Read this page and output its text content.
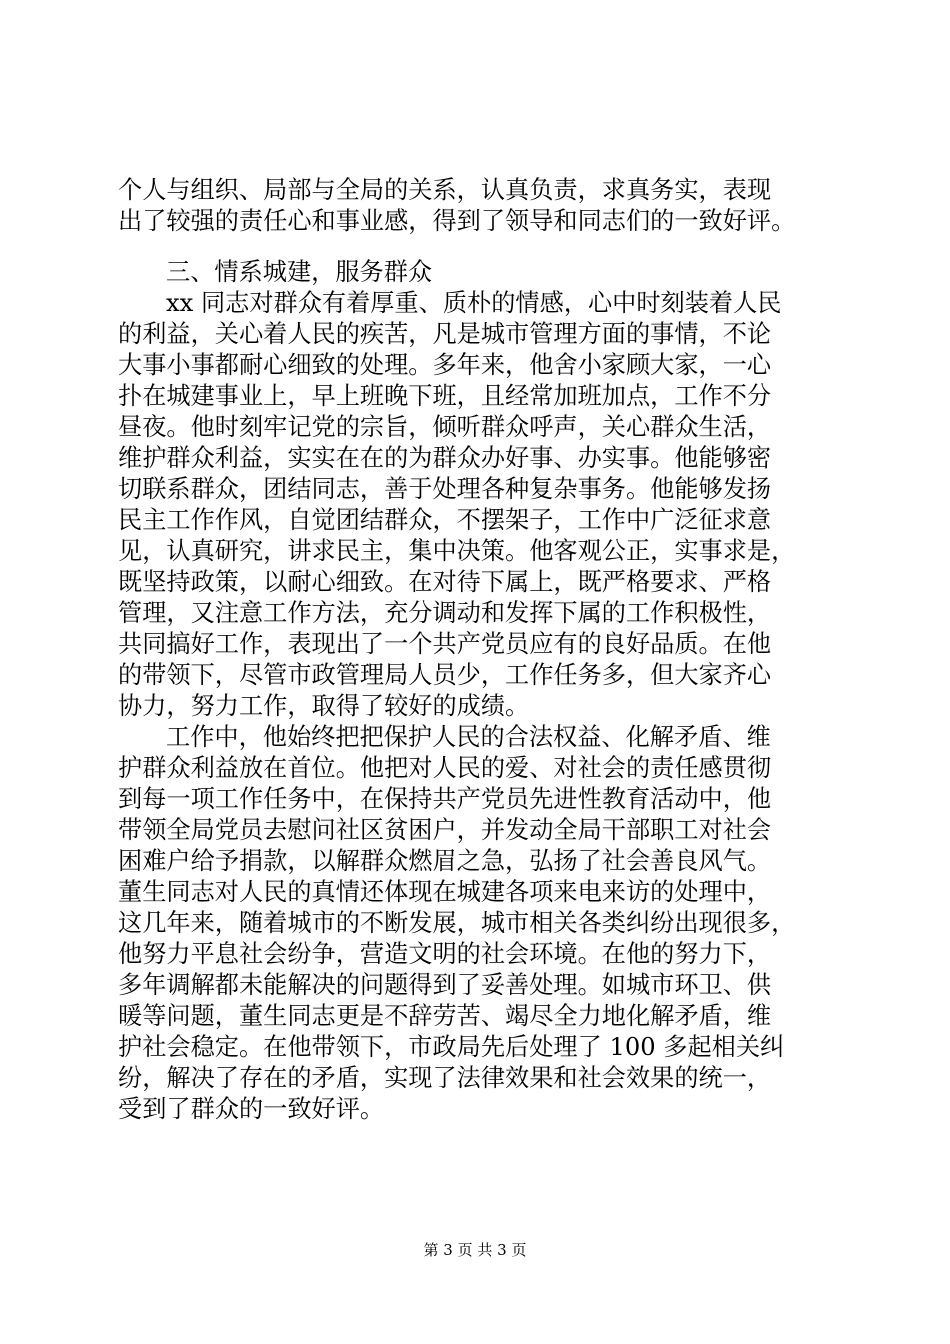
个人与组织、局部与全局的关系，认真负责，求真务实，表现
出了较强的责任心和事业感，得到了领导和同志们的一致好评。
三、情系城建，服务群众
xx 同志对群众有着厚重、质朴的情感，心中时刻装着人民
的利益，关心着人民的疾苦，凡是城市管理方面的事情，不论
大事小事都耐心细致的处理。多年来，他舍小家顾大家，一心
扑在城建事业上，早上班晚下班，且经常加班加点，工作不分
昼夜。他时刻牢记党的宗旨，倾听群众呼声，关心群众生活，
维护群众利益，实实在在的为群众办好事、办实事。他能够密
切联系群众，团结同志，善于处理各种复杂事务。他能够发扬
民主工作作风，自觉团结群众，不摆架子，工作中广泛征求意
见，认真研究，讲求民主，集中决策。他客观公正，实事求是，
既坚持政策，以耐心细致。在对待下属上，既严格要求、严格
管理，又注意工作方法，充分调动和发挥下属的工作积极性，
共同搞好工作，表现出了一个共产党员应有的良好品质。在他
的带领下，尽管市政管理局人员少，工作任务多，但大家齐心
协力，努力工作，取得了较好的成绩。
工作中，他始终把把保护人民的合法权益、化解矛盾、维
护群众利益放在首位。他把对人民的爱、对社会的责任感贯彻
到每一项工作任务中，在保持共产党员先进性教育活动中，他
带领全局党员去慰问社区贫困户，并发动全局干部职工对社会
困难户给予捐款，以解群众燃眉之急，弘扬了社会善良风气。
董生同志对人民的真情还体现在城建各项来电来访的处理中，
这几年来，随着城市的不断发展，城市相关各类纠纷出现很多，
他努力平息社会纷争，营造文明的社会环境。在他的努力下，
多年调解都未能解决的问题得到了妥善处理。如城市环卫、供
暖等问题，董生同志更是不辞劳苦、竭尽全力地化解矛盾，维
护社会稳定。在他带领下，市政局先后处理了 100 多起相关纠
纷，解决了存在的矛盾，实现了法律效果和社会效果的统一，
受到了群众的一致好评。
第 3 页 共 3 页
